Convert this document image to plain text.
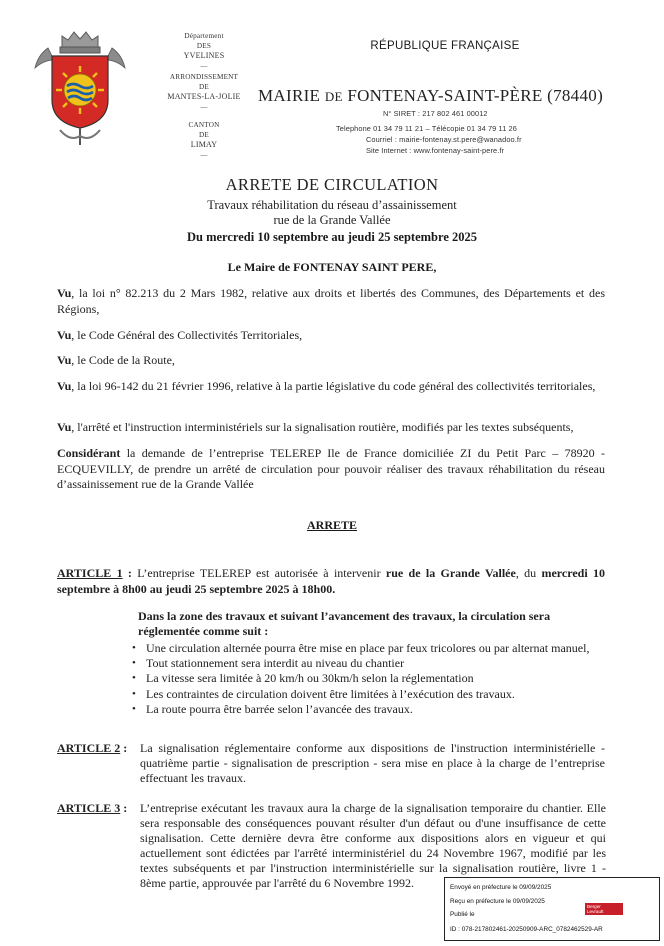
Département
DES
YVELINES
—
ARRONDISSEMENT
DE
MANTES-LA-JOLIE
—
CANTON
DE
LIMAY
—
RÉPUBLIQUE FRANÇAISE
MAIRIE DE FONTENAY-SAINT-PÈRE (78440)
N° SIRET : 217 802 461 00012
Telephone 01 34 79 11 21 – Télécopie 01 34 79 11 26
Courriel : mairie-fontenay.st.pere@wanadoo.fr
Site Internet : www.fontenay-saint-pere.fr
ARRETE DE CIRCULATION
Travaux réhabilitation du réseau d’assainissement
rue de la Grande Vallée
Du mercredi 10 septembre au jeudi 25 septembre 2025
Le Maire de FONTENAY SAINT PERE,
Vu, la loi n° 82.213 du 2 Mars 1982, relative aux droits et libertés des Communes, des Départements et des Régions,
Vu, le Code Général des Collectivités Territoriales,
Vu, le Code de la Route,
Vu, la loi 96-142 du 21 février 1996, relative à la partie législative du code général des collectivités territoriales,
Vu, l'arrêté et l'instruction interministériels sur la signalisation routière, modifiés par les textes subséquents,
Considérant la demande de l’entreprise TELEREP Ile de France domiciliée ZI du Petit Parc – 78920 - ECQUEVILLY, de prendre un arrêté de circulation pour pouvoir réaliser des travaux réhabilitation du réseau d’assainissement rue de la Grande Vallée
ARRETE
ARTICLE 1 : L’entreprise TELEREP est autorisée à intervenir rue de la Grande Vallée, du mercredi 10 septembre à 8h00 au jeudi 25 septembre 2025 à 18h00.
Dans la zone des travaux et suivant l’avancement des travaux, la circulation sera réglementée comme suit :
• Une circulation alternée pourra être mise en place par feux tricolores ou par alternat manuel,
• Tout stationnement sera interdit au niveau du chantier
• La vitesse sera limitée à 20 km/h ou 30km/h selon la réglementation
• Les contraintes de circulation doivent être limitées à l’exécution des travaux.
• La route pourra être barrée selon l’avancée des travaux.
ARTICLE 2 :	La signalisation réglementaire conforme aux dispositions de l'instruction interministérielle - quatrième partie - signalisation de prescription - sera mise en place à la charge de l’entreprise effectuant les travaux.
ARTICLE 3 :	L’entreprise exécutant les travaux aura la charge de la signalisation temporaire du chantier. Elle sera responsable des conséquences pouvant résulter d'un défaut ou d'une insuffisance de cette signalisation. Cette dernière devra être conforme aux dispositions alors en vigueur et qui actuellement sont édictées par l'arrêté interministériel du 24 Novembre 1967, modifié par les textes subséquents et par l'instruction interministérielle sur la signalisation routière, livre 1 - 8ème partie, approuvée par l'arrêté du 6 Novembre 1992.	Envoyé en préfecture le 09/09/2025
Reçu en préfecture le 09/09/2025
Publié le
ID : 078-217802461-20250909-ARC_0782462529-AR
Berger
Levrault
